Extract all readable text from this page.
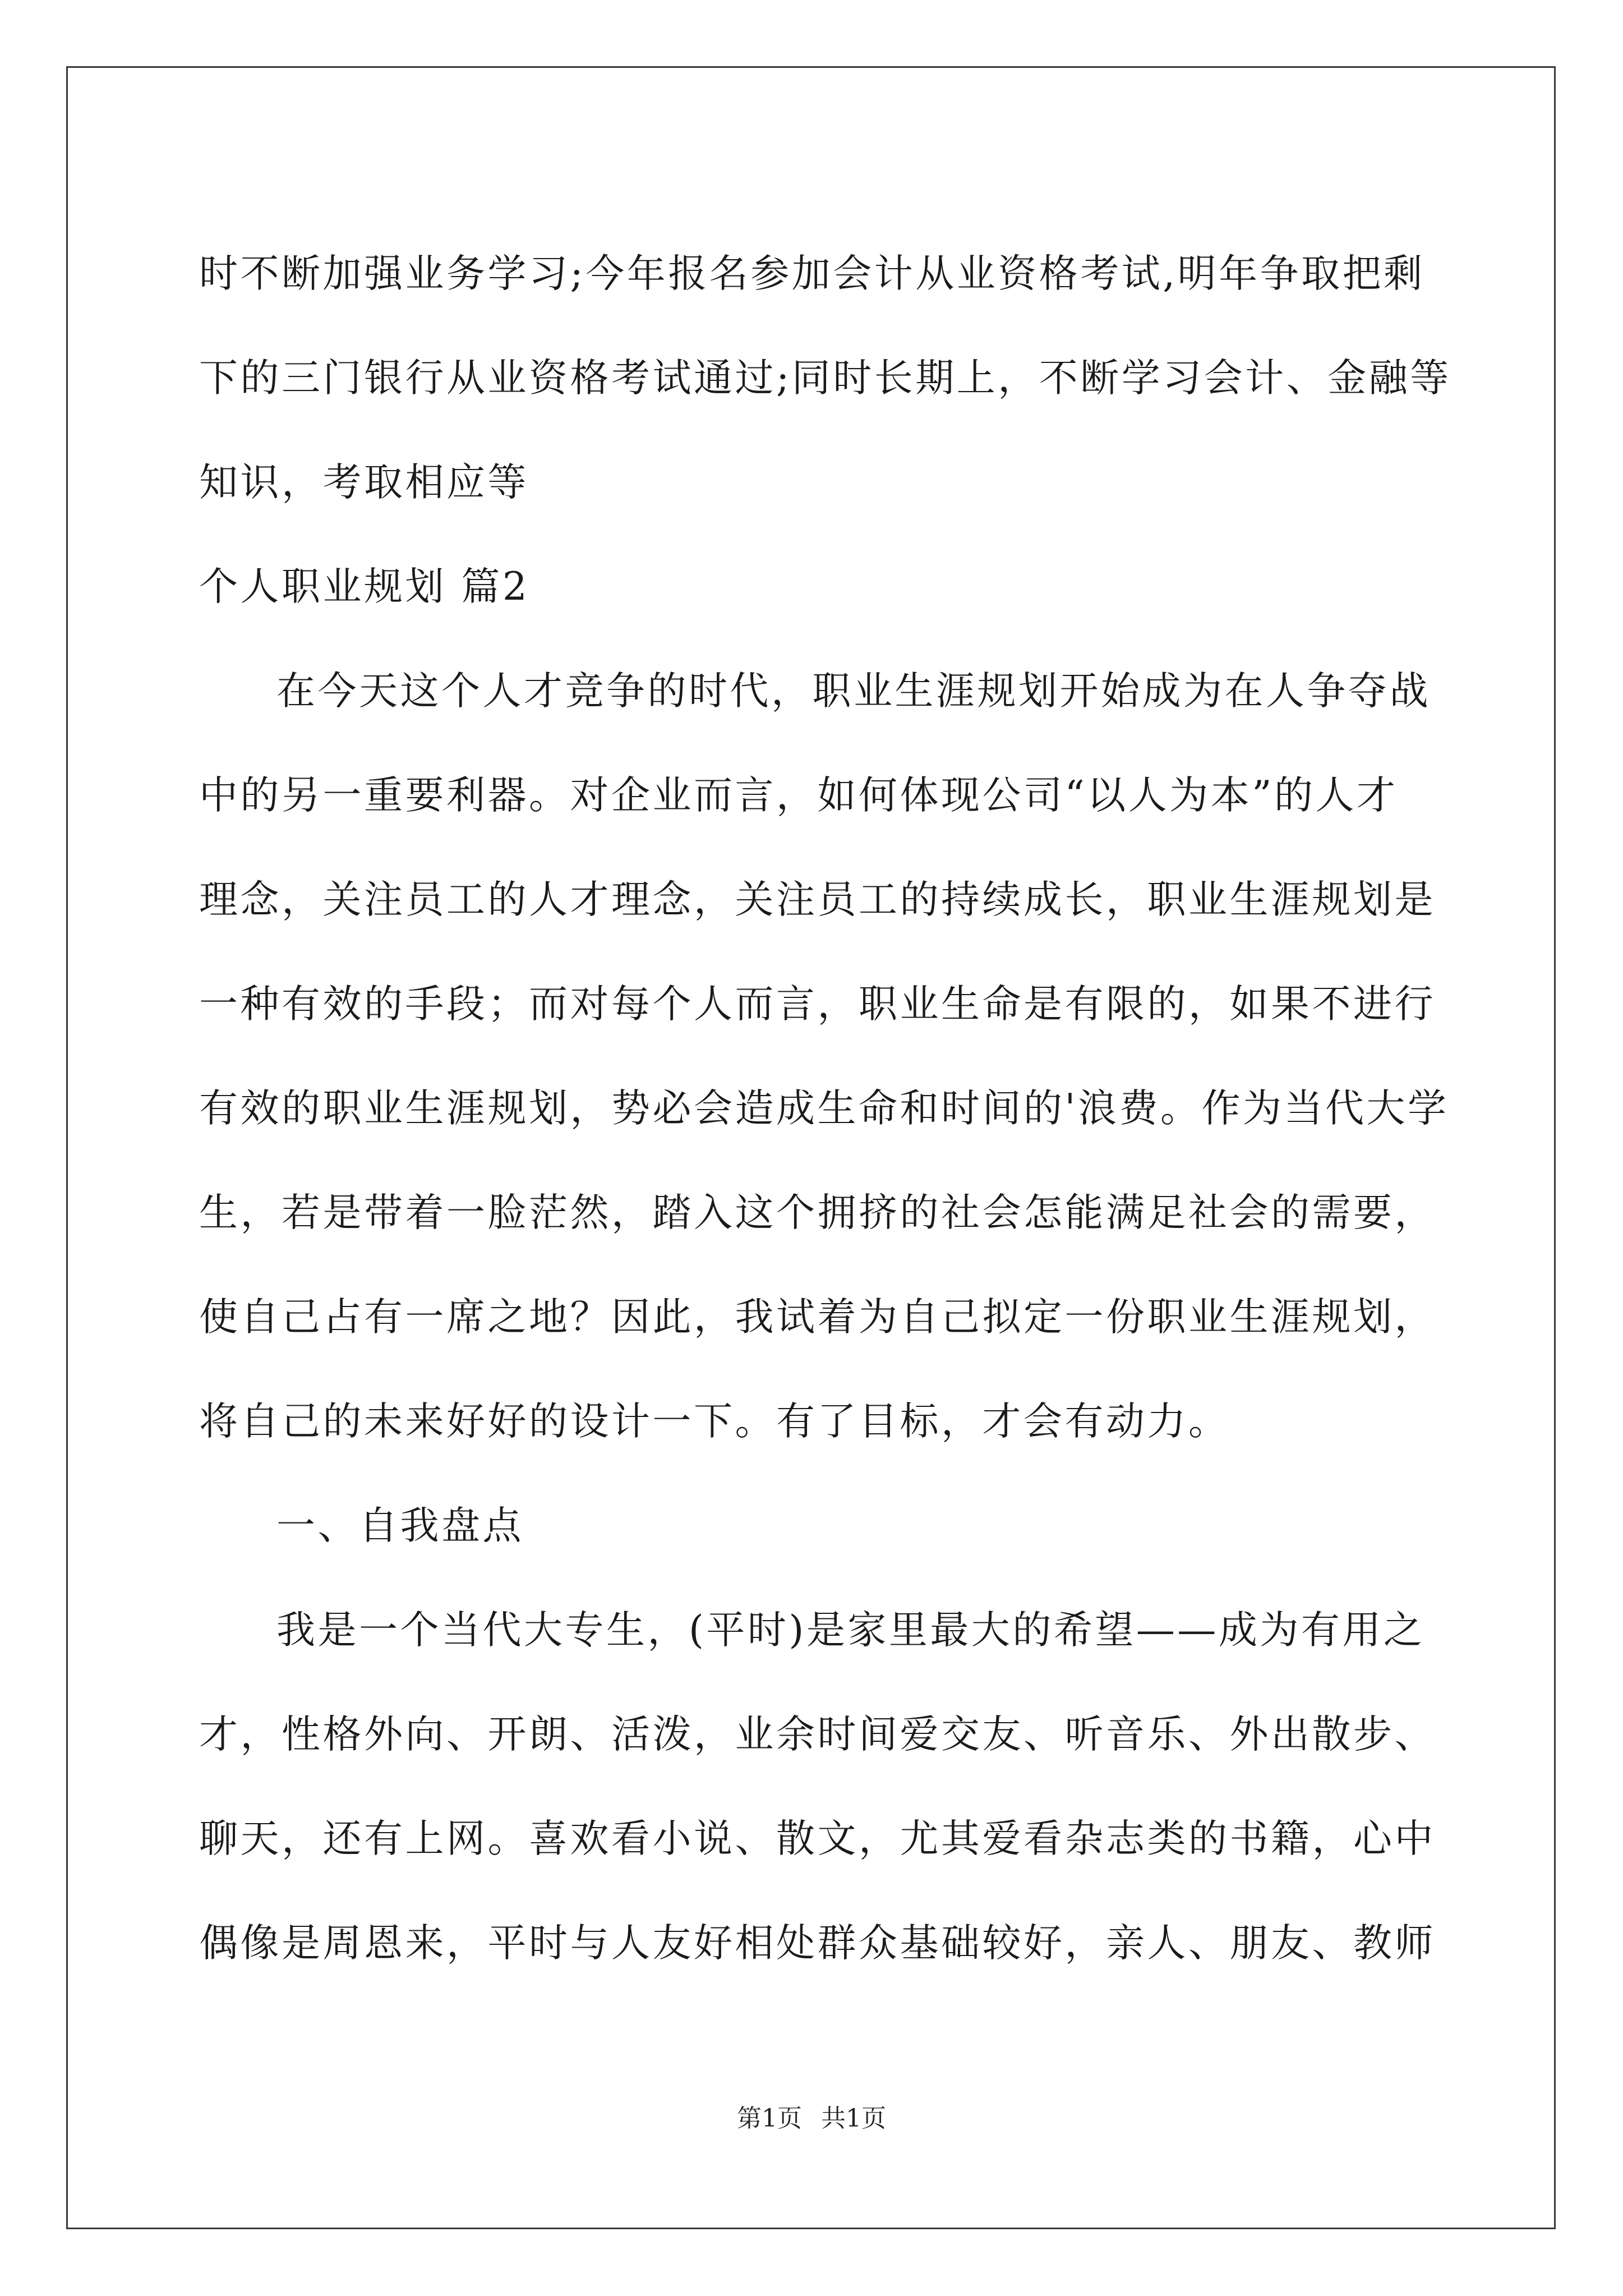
时不断加强业务学习;今年报名参加会计从业资格考试,明年争取把剩
下的三门银行从业资格考试通过;同时长期上，不断学习会计、金融等
知识，考取相应等
个人职业规划 篇2
在今天这个人才竞争的时代，职业生涯规划开始成为在人争夺战
中的另一重要利器。对企业而言，如何体现公司“以人为本”的人才
理念，关注员工的人才理念，关注员工的持续成长，职业生涯规划是
一种有效的手段；而对每个人而言，职业生命是有限的，如果不进行
有效的职业生涯规划，势必会造成生命和时间的'浪费。作为当代大学
生，若是带着一脸茫然，踏入这个拥挤的社会怎能满足社会的需要，
使自己占有一席之地？因此，我试着为自己拟定一份职业生涯规划，
将自己的未来好好的设计一下。有了目标，才会有动力。
一、自我盘点
我是一个当代大专生，(平时)是家里最大的希望——成为有用之
才，性格外向、开朗、活泼，业余时间爱交友、听音乐、外出散步、
聊天，还有上网。喜欢看小说、散文，尤其爱看杂志类的书籍，心中
偶像是周恩来，平时与人友好相处群众基础较好，亲人、朋友、教师
第1页 共1页
